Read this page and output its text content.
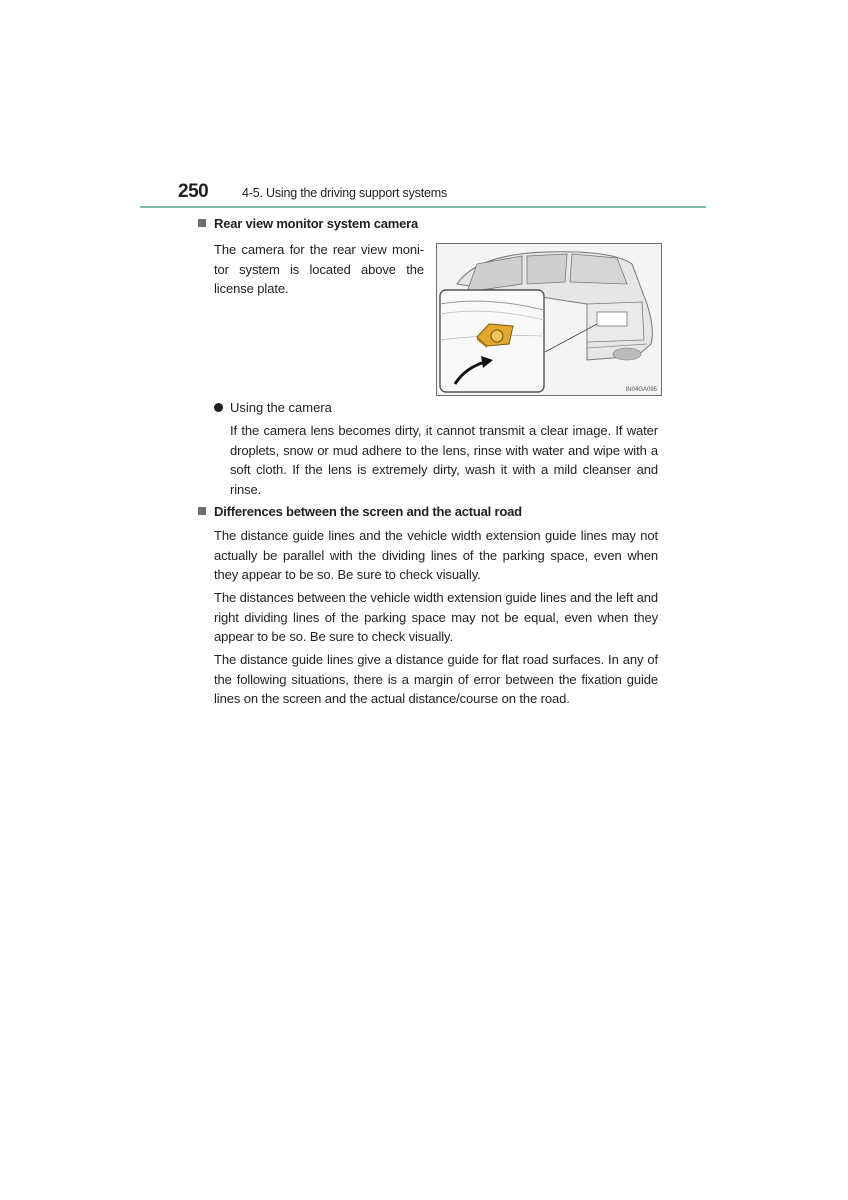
250	4-5. Using the driving support systems
Rear view monitor system camera
The camera for the rear view moni-
tor system is located above the
license plate.
IN04GA095
Using the camera
If the camera lens becomes dirty, it cannot transmit a clear image. If water droplets, snow or mud adhere to the lens, rinse with water and wipe with a soft cloth. If the lens is extremely dirty, wash it with a mild cleanser and rinse.
Differences between the screen and the actual road
The distance guide lines and the vehicle width extension guide lines may not actually be parallel with the dividing lines of the parking space, even when they appear to be so. Be sure to check visually.
The distances between the vehicle width extension guide lines and the left and right dividing lines of the parking space may not be equal, even when they appear to be so. Be sure to check visually.
The distance guide lines give a distance guide for flat road surfaces. In any of the following situations, there is a margin of error between the fixation guide lines on the screen and the actual distance/course on the road.
